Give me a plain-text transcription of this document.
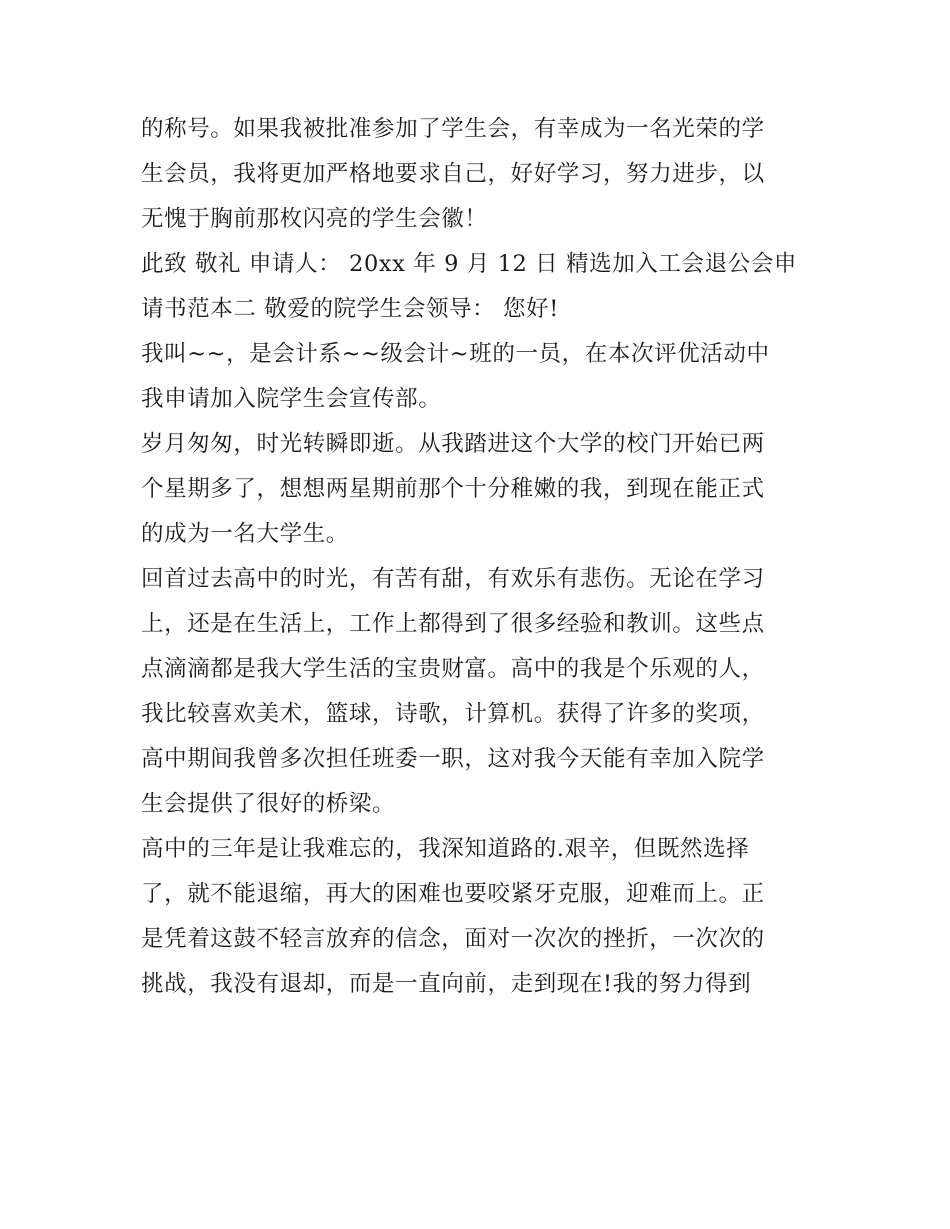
的称号。如果我被批准参加了学生会，有幸成为一名光荣的学
生会员，我将更加严格地要求自己，好好学习，努力进步，以
无愧于胸前那枚闪亮的学生会徽！
此致 敬礼 申请人： 20xx 年 9 月 12 日 精选加入工会退公会申
请书范本二 敬爱的院学生会领导： 您好!
我叫~~，是会计系~~级会计~班的一员，在本次评优活动中
我申请加入院学生会宣传部。
岁月匆匆，时光转瞬即逝。从我踏进这个大学的校门开始已两
个星期多了，想想两星期前那个十分稚嫩的我，到现在能正式
的成为一名大学生。
回首过去高中的时光，有苦有甜，有欢乐有悲伤。无论在学习
上，还是在生活上，工作上都得到了很多经验和教训。这些点
点滴滴都是我大学生活的宝贵财富。高中的我是个乐观的人，
我比较喜欢美术，篮球，诗歌，计算机。获得了许多的奖项，
高中期间我曾多次担任班委一职，这对我今天能有幸加入院学
生会提供了很好的桥梁。
高中的三年是让我难忘的，我深知道路的.艰辛，但既然选择
了，就不能退缩，再大的困难也要咬紧牙克服，迎难而上。正
是凭着这鼓不轻言放弃的信念，面对一次次的挫折，一次次的
挑战，我没有退却，而是一直向前，走到现在!我的努力得到
